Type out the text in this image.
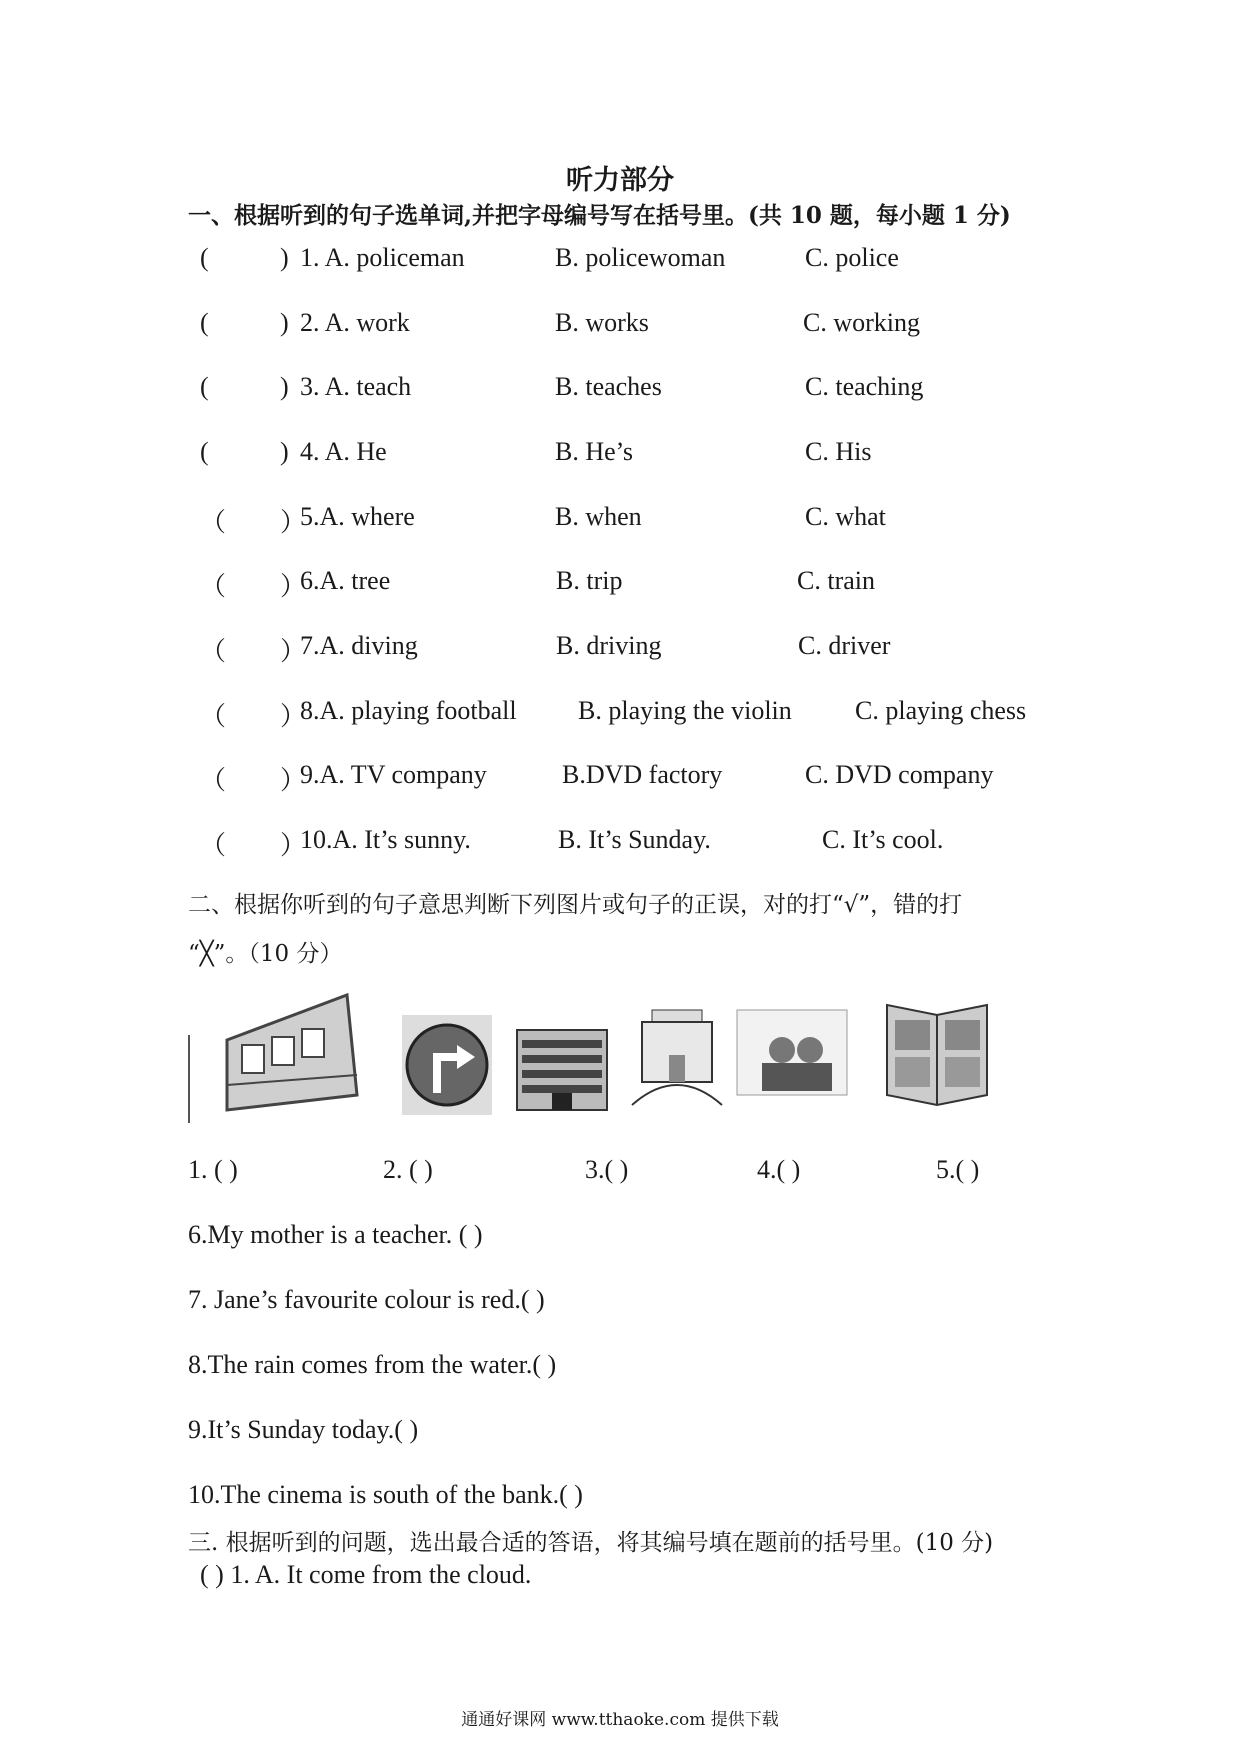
听力部分
一、根据听到的句子选单词,并把字母编号写在括号里。(共 10 题，每小题 1 分)
(	) 1. A. policeman	B. policewoman	C. police
(	) 2. A. work	B. works	C. working
(	) 3. A. teach	B. teaches	C. teaching
(	) 4. A. He	B. He’s	C. His
（ ）
5.A. where	B. when	C. what
（ ）
6.A. tree	B. trip	C. train
（ ）
7.A. diving	B. driving	C. driver
（ ）
8.A. playing football B. playing the violin C. playing chess
（ ）
9.A. TV company	B.DVD factory	C. DVD company
（ ）
10.A. It’s sunny.	B. It’s Sunday.	C. It’s cool.
二、根据你听到的句子意思判断下列图片或句子的正误，对的打“√”，错的打
“╳”。（10 分）
1. ( )	2. ( )	3.( )	4.( )	5.( )
6.My mother is a teacher. ( )
7. Jane’s favourite colour is red.( )
8.The rain comes from the water.( )
9.It’s Sunday today.( )
10.The cinema is south of the bank.( )
三. 根据听到的问题，选出最合适的答语，将其编号填在题前的括号里。(10 分)
( ) 1. A. It come from the cloud.
通通好课网 www.tthaoke.com 提供下载
